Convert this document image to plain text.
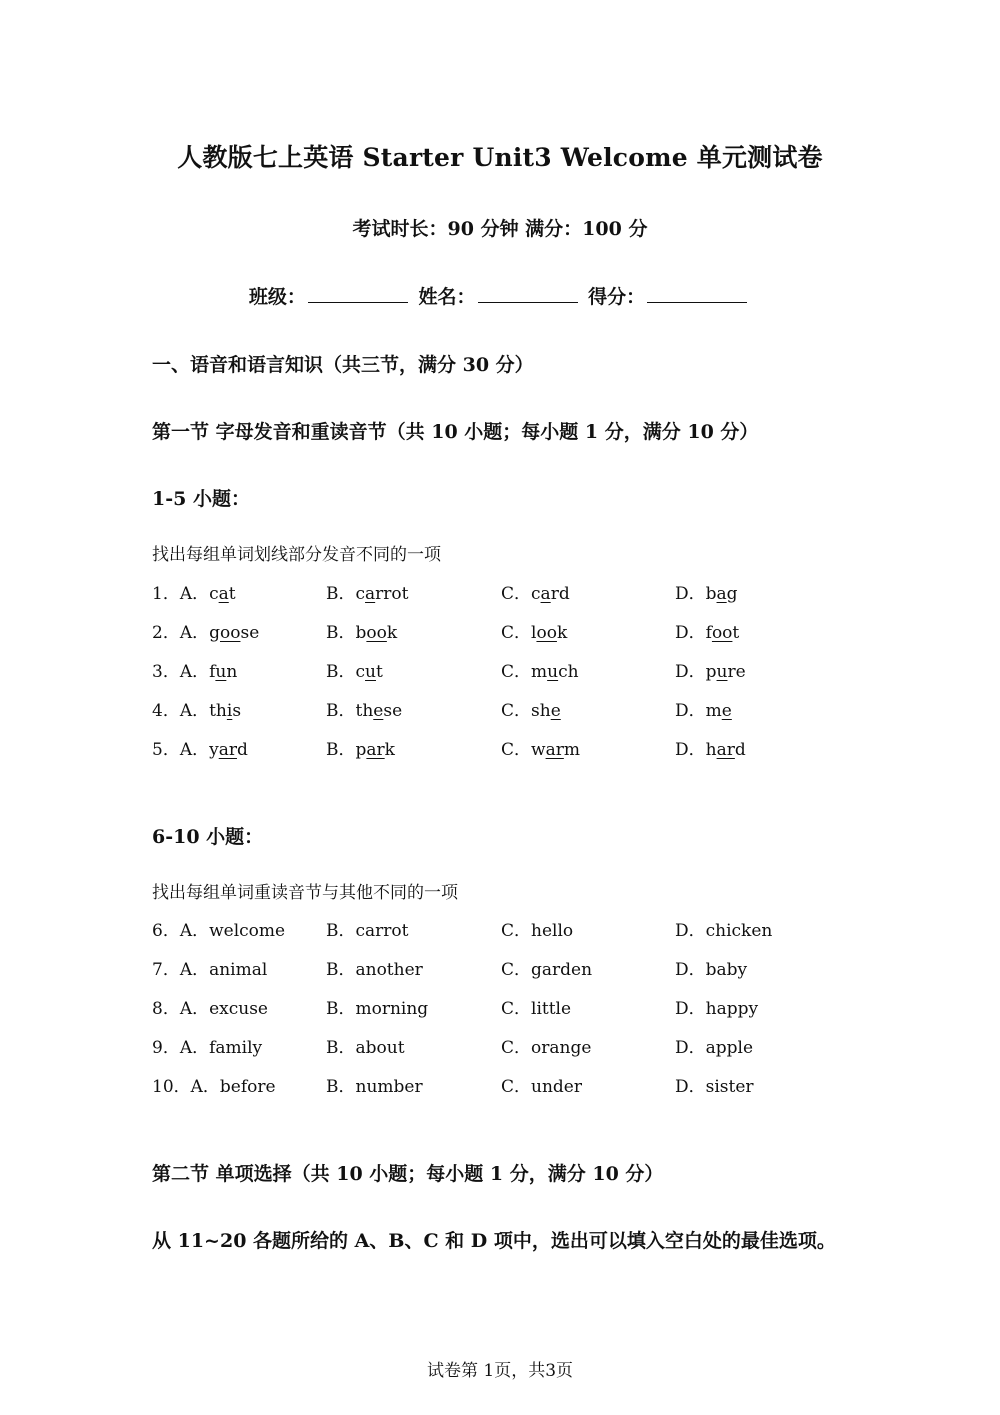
人教版七上英语 Starter Unit3 Welcome 单元测试卷
考试时长：90 分钟 满分：100 分
班级：	姓名：	得分：
一、语音和语言知识（共三节，满分 30 分）
第一节 字母发音和重读音节（共 10 小题；每小题 1 分，满分 10 分）
1-5 小题：
找出每组单词划线部分发音不同的一项
1．A．cat	B．carrot	C．card	D．bag
2．A．goose	B．book	C．look	D．foot
3．A．fun	B．cut	C．much	D．pure
4．A．this	B．these	C．she	D．me
5．A．yard	B．park	C．warm	D．hard
6-10 小题：
找出每组单词重读音节与其他不同的一项
6．A．welcome B．carrot	C．hello	D．chicken
7．A．animal	B．another	C．garden	D．baby
8．A．excuse	B．morning	C．little	D．happy
9．A．family	B．about	C．orange	D．apple
10．A．before	B．number	C．under	D．sister
第二节 单项选择（共 10 小题；每小题 1 分，满分 10 分）
从 11~20 各题所给的 A、B、C 和 D 项中，选出可以填入空白处的最佳选项。
试卷第 1页，共3页
